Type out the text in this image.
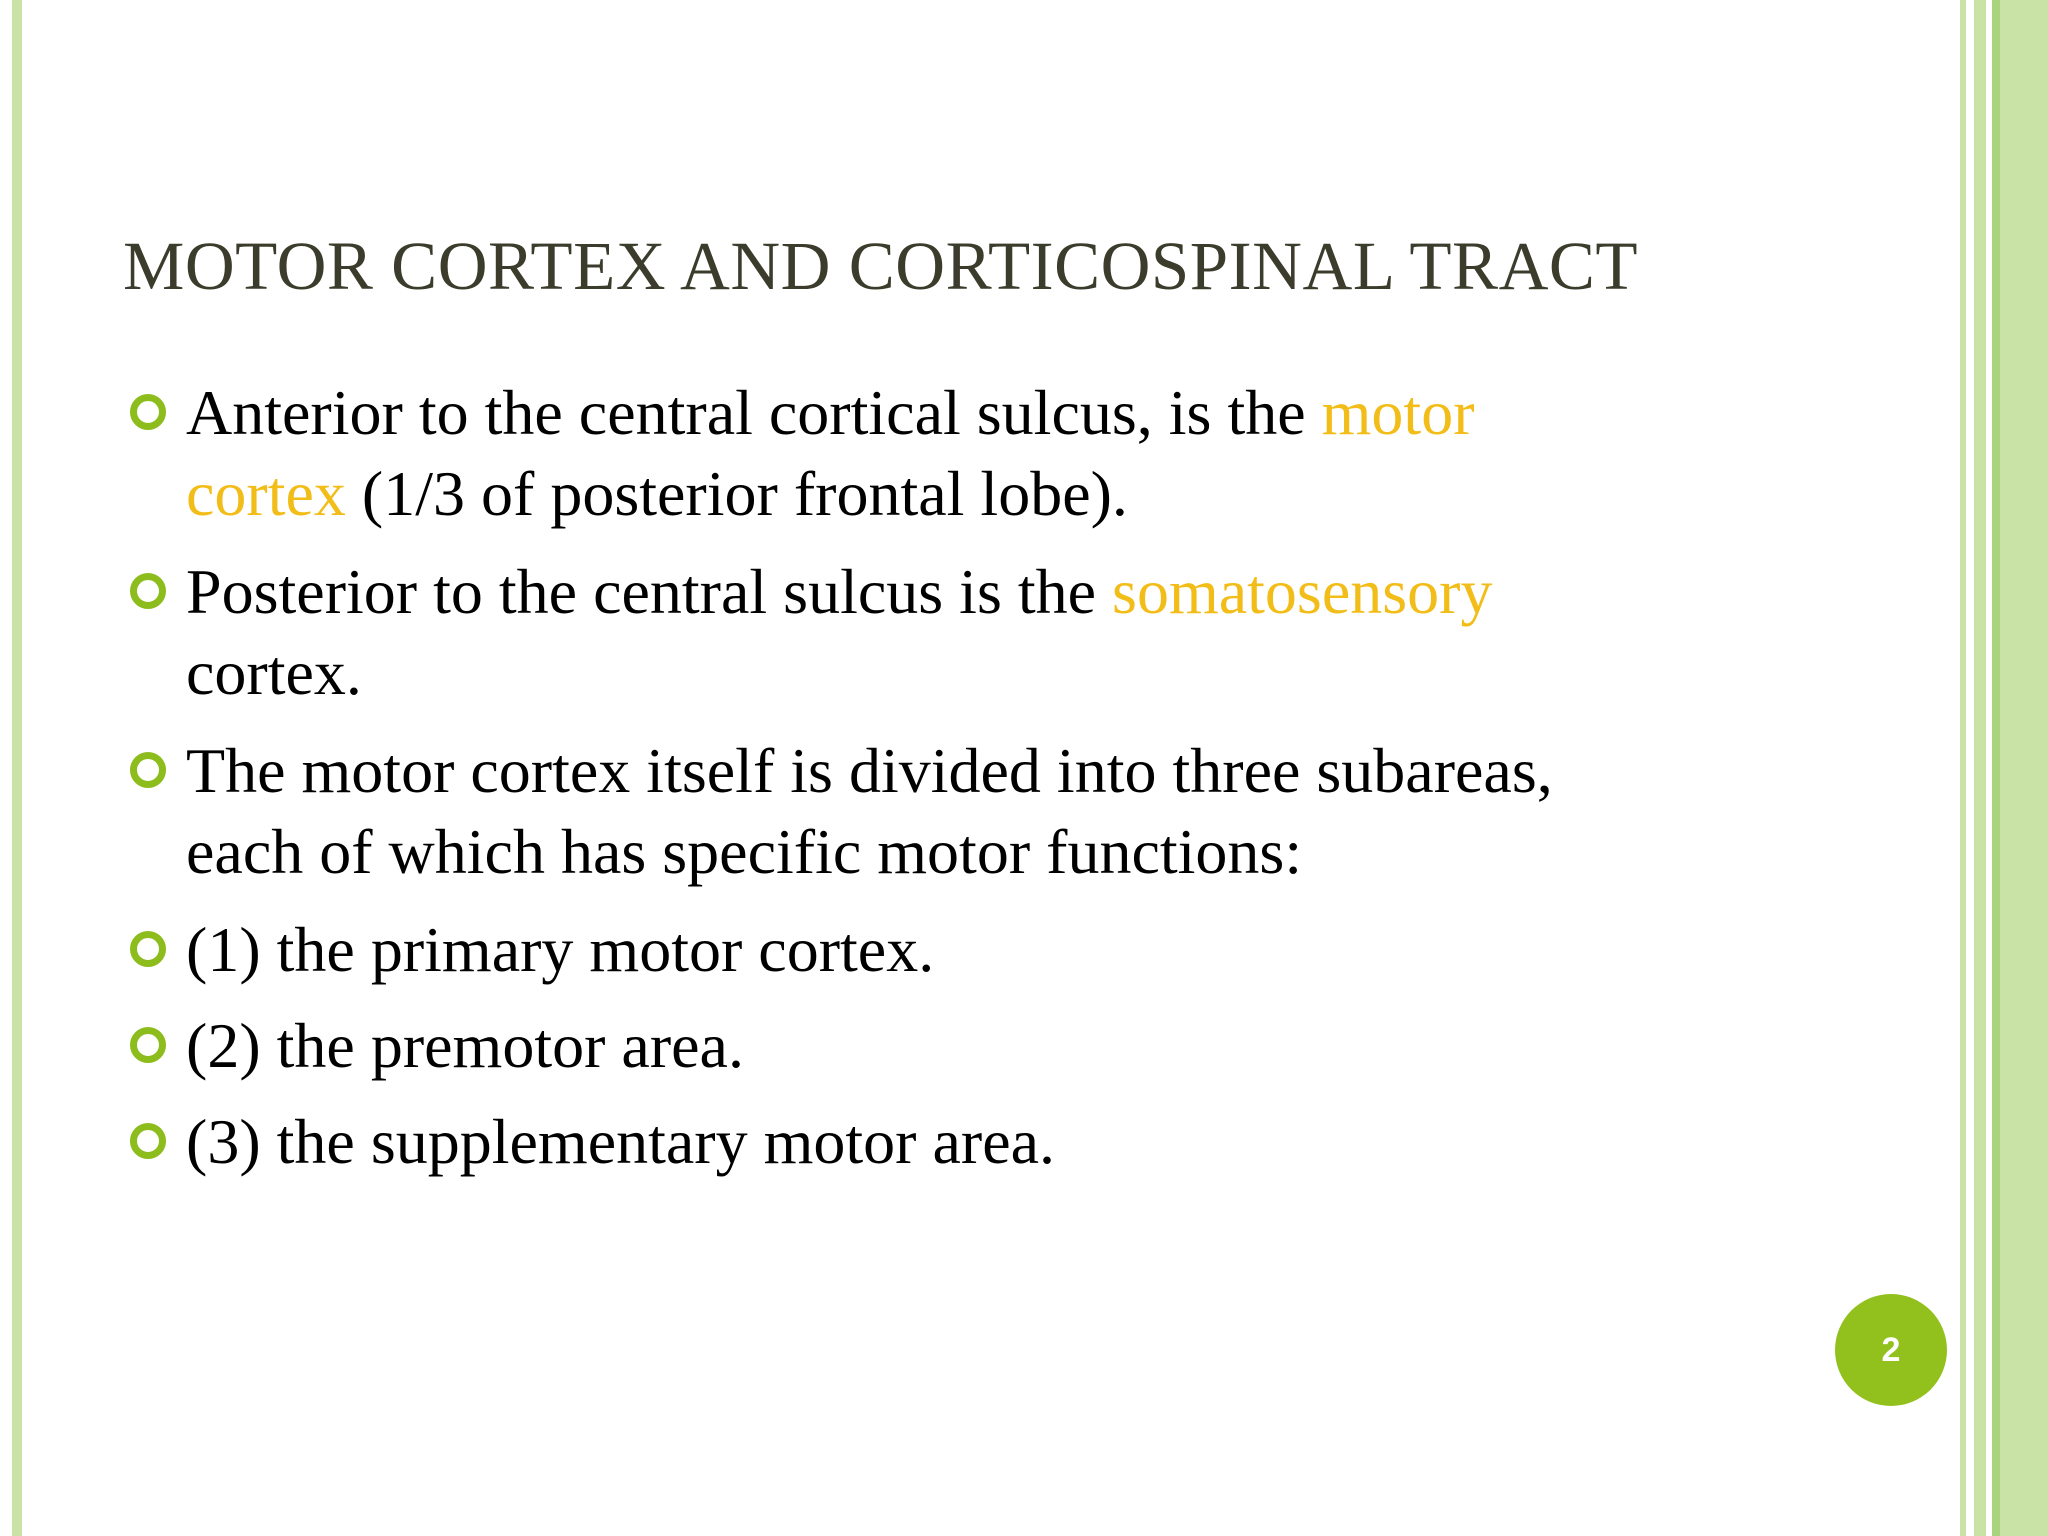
MOTOR CORTEX AND CORTICOSPINAL TRACT
Anterior to the central cortical sulcus, is the motor cortex (1/3 of posterior frontal lobe).
Posterior to the central sulcus is the somatosensory cortex.
The motor cortex itself is divided into three subareas, each of which has specific motor functions:
(1) the primary motor cortex.
(2) the premotor area.
(3) the supplementary motor area.
2
